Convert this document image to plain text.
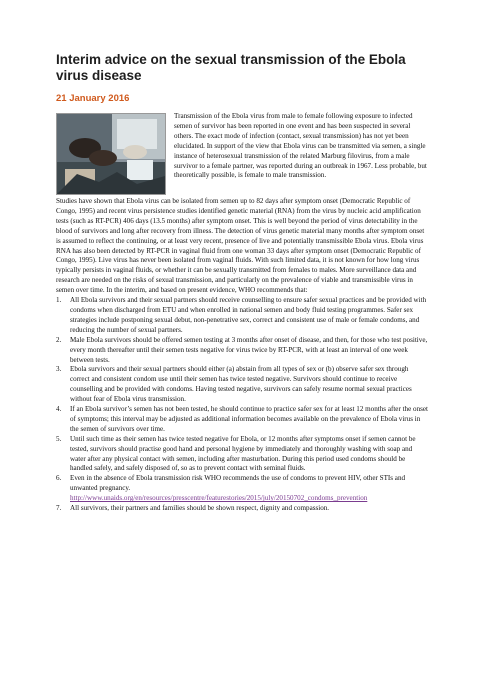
Interim advice on the sexual transmission of the Ebola virus disease
21 January 2016

Transmission of the Ebola virus from male to female following exposure to infected semen of survivor has been reported in one event and has been suspected in several others. The exact mode of infection (contact, sexual transmission) has not yet been elucidated. In support of the view that Ebola virus can be transmitted via semen, a single instance of heterosexual transmission of the related Marburg filovirus, from a male survivor to a female partner, was reported during an outbreak in 1967. Less probable, but theoretically possible, is female to male transmission.

Studies have shown that Ebola virus can be isolated from semen up to 82 days after symptom onset (Democratic Republic of Congo, 1995) and recent virus persistence studies identified genetic material (RNA) from the virus by nucleic acid amplification tests (such as RT-PCR) 406 days (13.5 months) after symptom onset. This is well beyond the period of virus detectability in the blood of survivors and long after recovery from illness. The detection of virus genetic material many months after symptom onset is assumed to reflect the continuing, or at least very recent, presence of live and potentially transmissible Ebola virus. Ebola virus RNA has also been detected by RT-PCR in vaginal fluid from one woman 33 days after symptom onset (Democratic Republic of Congo, 1995). Live virus has never been isolated from vaginal fluids. With such limited data, it is not known for how long virus typically persists in vaginal fluids, or whether it can be sexually transmitted from females to males. More surveillance data and research are needed on the risks of sexual transmission, and particularly on the prevalence of viable and transmissible virus in semen over time. In the interim, and based on present evidence, WHO recommends that:

1. All Ebola survivors and their sexual partners should receive counselling to ensure safer sexual practices and be provided with condoms when discharged from ETU and when enrolled in national semen and body fluid testing programmes. Safer sex strategies include postponing sexual debut, non-penetrative sex, correct and consistent use of male or female condoms, and reducing the number of sexual partners.
2. Male Ebola survivors should be offered semen testing at 3 months after onset of disease, and then, for those who test positive, every month thereafter until their semen tests negative for virus twice by RT-PCR, with at least an interval of one week between tests.
3. Ebola survivors and their sexual partners should either (a) abstain from all types of sex or (b) observe safer sex through correct and consistent condom use until their semen has twice tested negative. Survivors should continue to receive counselling and be provided with condoms. Having tested negative, survivors can safely resume normal sexual practices without fear of Ebola virus transmission.
4. If an Ebola survivor’s semen has not been tested, he should continue to practice safer sex for at least 12 months after the onset of symptoms; this interval may be adjusted as additional information becomes available on the prevalence of Ebola virus in the semen of survivors over time.
5. Until such time as their semen has twice tested negative for Ebola, or 12 months after symptoms onset if semen cannot be tested, survivors should practise good hand and personal hygiene by immediately and thoroughly washing with soap and water after any physical contact with semen, including after masturbation. During this period used condoms should be handled safely, and safely disposed of, so as to prevent contact with seminal fluids.
6. Even in the absence of Ebola transmission risk WHO recommends the use of condoms to prevent HIV, other STIs and unwanted pregnancy. http://www.unaids.org/en/resources/presscentre/featurestories/2015/july/20150702_condoms_prevention
7. All survivors, their partners and families should be shown respect, dignity and compassion.
